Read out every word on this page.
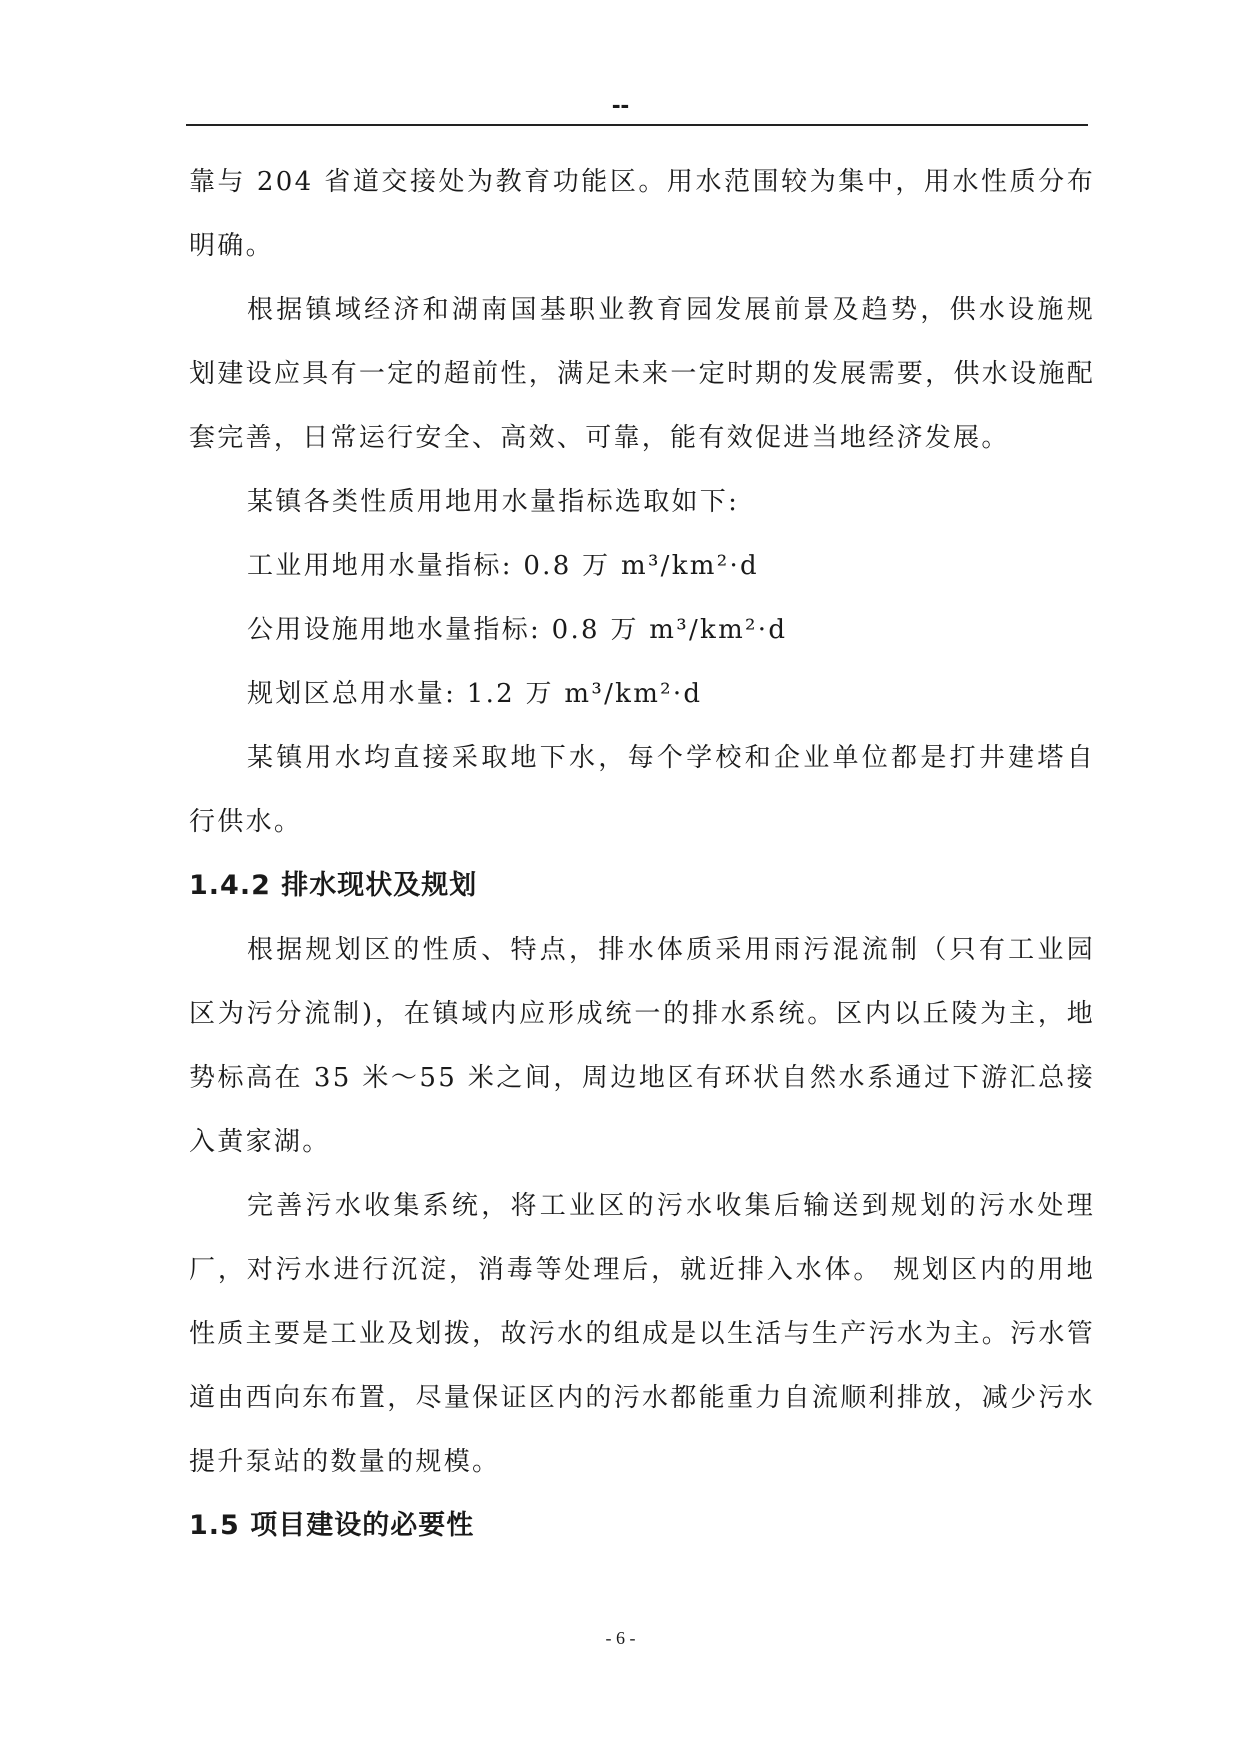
--

靠与 204 省道交接处为教育功能区。用水范围较为集中，用水性质分布明确。

根据镇域经济和湖南国基职业教育园发展前景及趋势，供水设施规划建设应具有一定的超前性，满足未来一定时期的发展需要，供水设施配套完善，日常运行安全、高效、可靠，能有效促进当地经济发展。

某镇各类性质用地用水量指标选取如下:

工业用地用水量指标: 0.8 万 m³/km²·d

公用设施用地水量指标: 0.8 万 m³/km²·d

规划区总用水量: 1.2 万 m³/km²·d

某镇用水均直接采取地下水，每个学校和企业单位都是打井建塔自行供水。

1.4.2 排水现状及规划

根据规划区的性质、特点，排水体质采用雨污混流制（只有工业园区为污分流制)，在镇域内应形成统一的排水系统。区内以丘陵为主，地势标高在 35 米～55 米之间，周边地区有环状自然水系通过下游汇总接入黄家湖。

完善污水收集系统，将工业区的污水收集后输送到规划的污水处理厂，对污水进行沉淀，消毒等处理后，就近排入水体。 规划区内的用地性质主要是工业及划拨，故污水的组成是以生活与生产污水为主。污水管道由西向东布置，尽量保证区内的污水都能重力自流顺利排放，减少污水提升泵站的数量的规模。

1.5 项目建设的必要性
- 6 -
